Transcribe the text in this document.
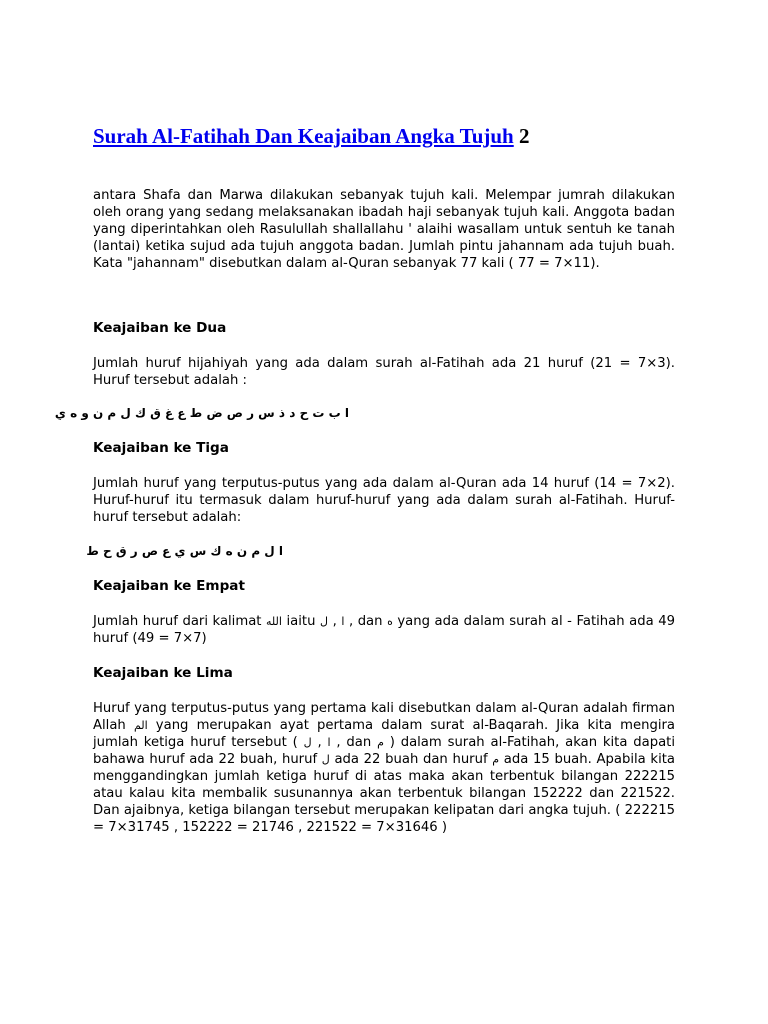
Surah Al-Fatihah Dan Keajaiban Angka Tujuh 2

antara Shafa dan Marwa dilakukan sebanyak tujuh kali. Melempar jumrah dilakukan oleh orang yang sedang melaksanakan ibadah haji sebanyak tujuh kali. Anggota badan yang diperintahkan oleh Rasulullah shallallahu ' alaihi wasallam untuk sentuh ke tanah (lantai) ketika sujud ada tujuh anggota badan. Jumlah pintu jahannam ada tujuh buah. Kata "jahannam" disebutkan dalam al-Quran sebanyak 77 kali ( 77 = 7×11).

Keajaiban ke Dua

Jumlah huruf hijahiyah yang ada dalam surah al-Fatihah ada 21 huruf (21 = 7×3). Huruf tersebut adalah :

ا ب ت ح د ذ س ر ص ض ط ع غ ق ك ل م ن و ه ي

Keajaiban ke Tiga

Jumlah huruf yang terputus-putus yang ada dalam al-Quran ada 14 huruf (14 = 7×2). Huruf-huruf itu termasuk dalam huruf-huruf yang ada dalam surah al-Fatihah. Huruf-huruf tersebut adalah:

ا ل م ن ه ك س ي ع ص ر ق ح ط

Keajaiban ke Empat

Jumlah huruf dari kalimat الله iaitu ا , ل , dan ه yang ada dalam surah al - Fatihah ada 49 huruf (49 = 7×7)

Keajaiban ke Lima

Huruf yang terputus-putus yang pertama kali disebutkan dalam al-Quran adalah firman Allah الم yang merupakan ayat pertama dalam surat al-Baqarah. Jika kita mengira jumlah ketiga huruf tersebut ( ا , ل , dan م ) dalam surah al-Fatihah, akan kita dapati bahawa huruf ada 22 buah, huruf ل ada 22 buah dan huruf م ada 15 buah. Apabila kita menggandingkan jumlah ketiga huruf di atas maka akan terbentuk bilangan 222215 atau kalau kita membalik susunannya akan terbentuk bilangan 152222 dan 221522. Dan ajaibnya, ketiga bilangan tersebut merupakan kelipatan dari angka tujuh. ( 222215 = 7×31745 , 152222 = 21746 , 221522 = 7×31646 )
